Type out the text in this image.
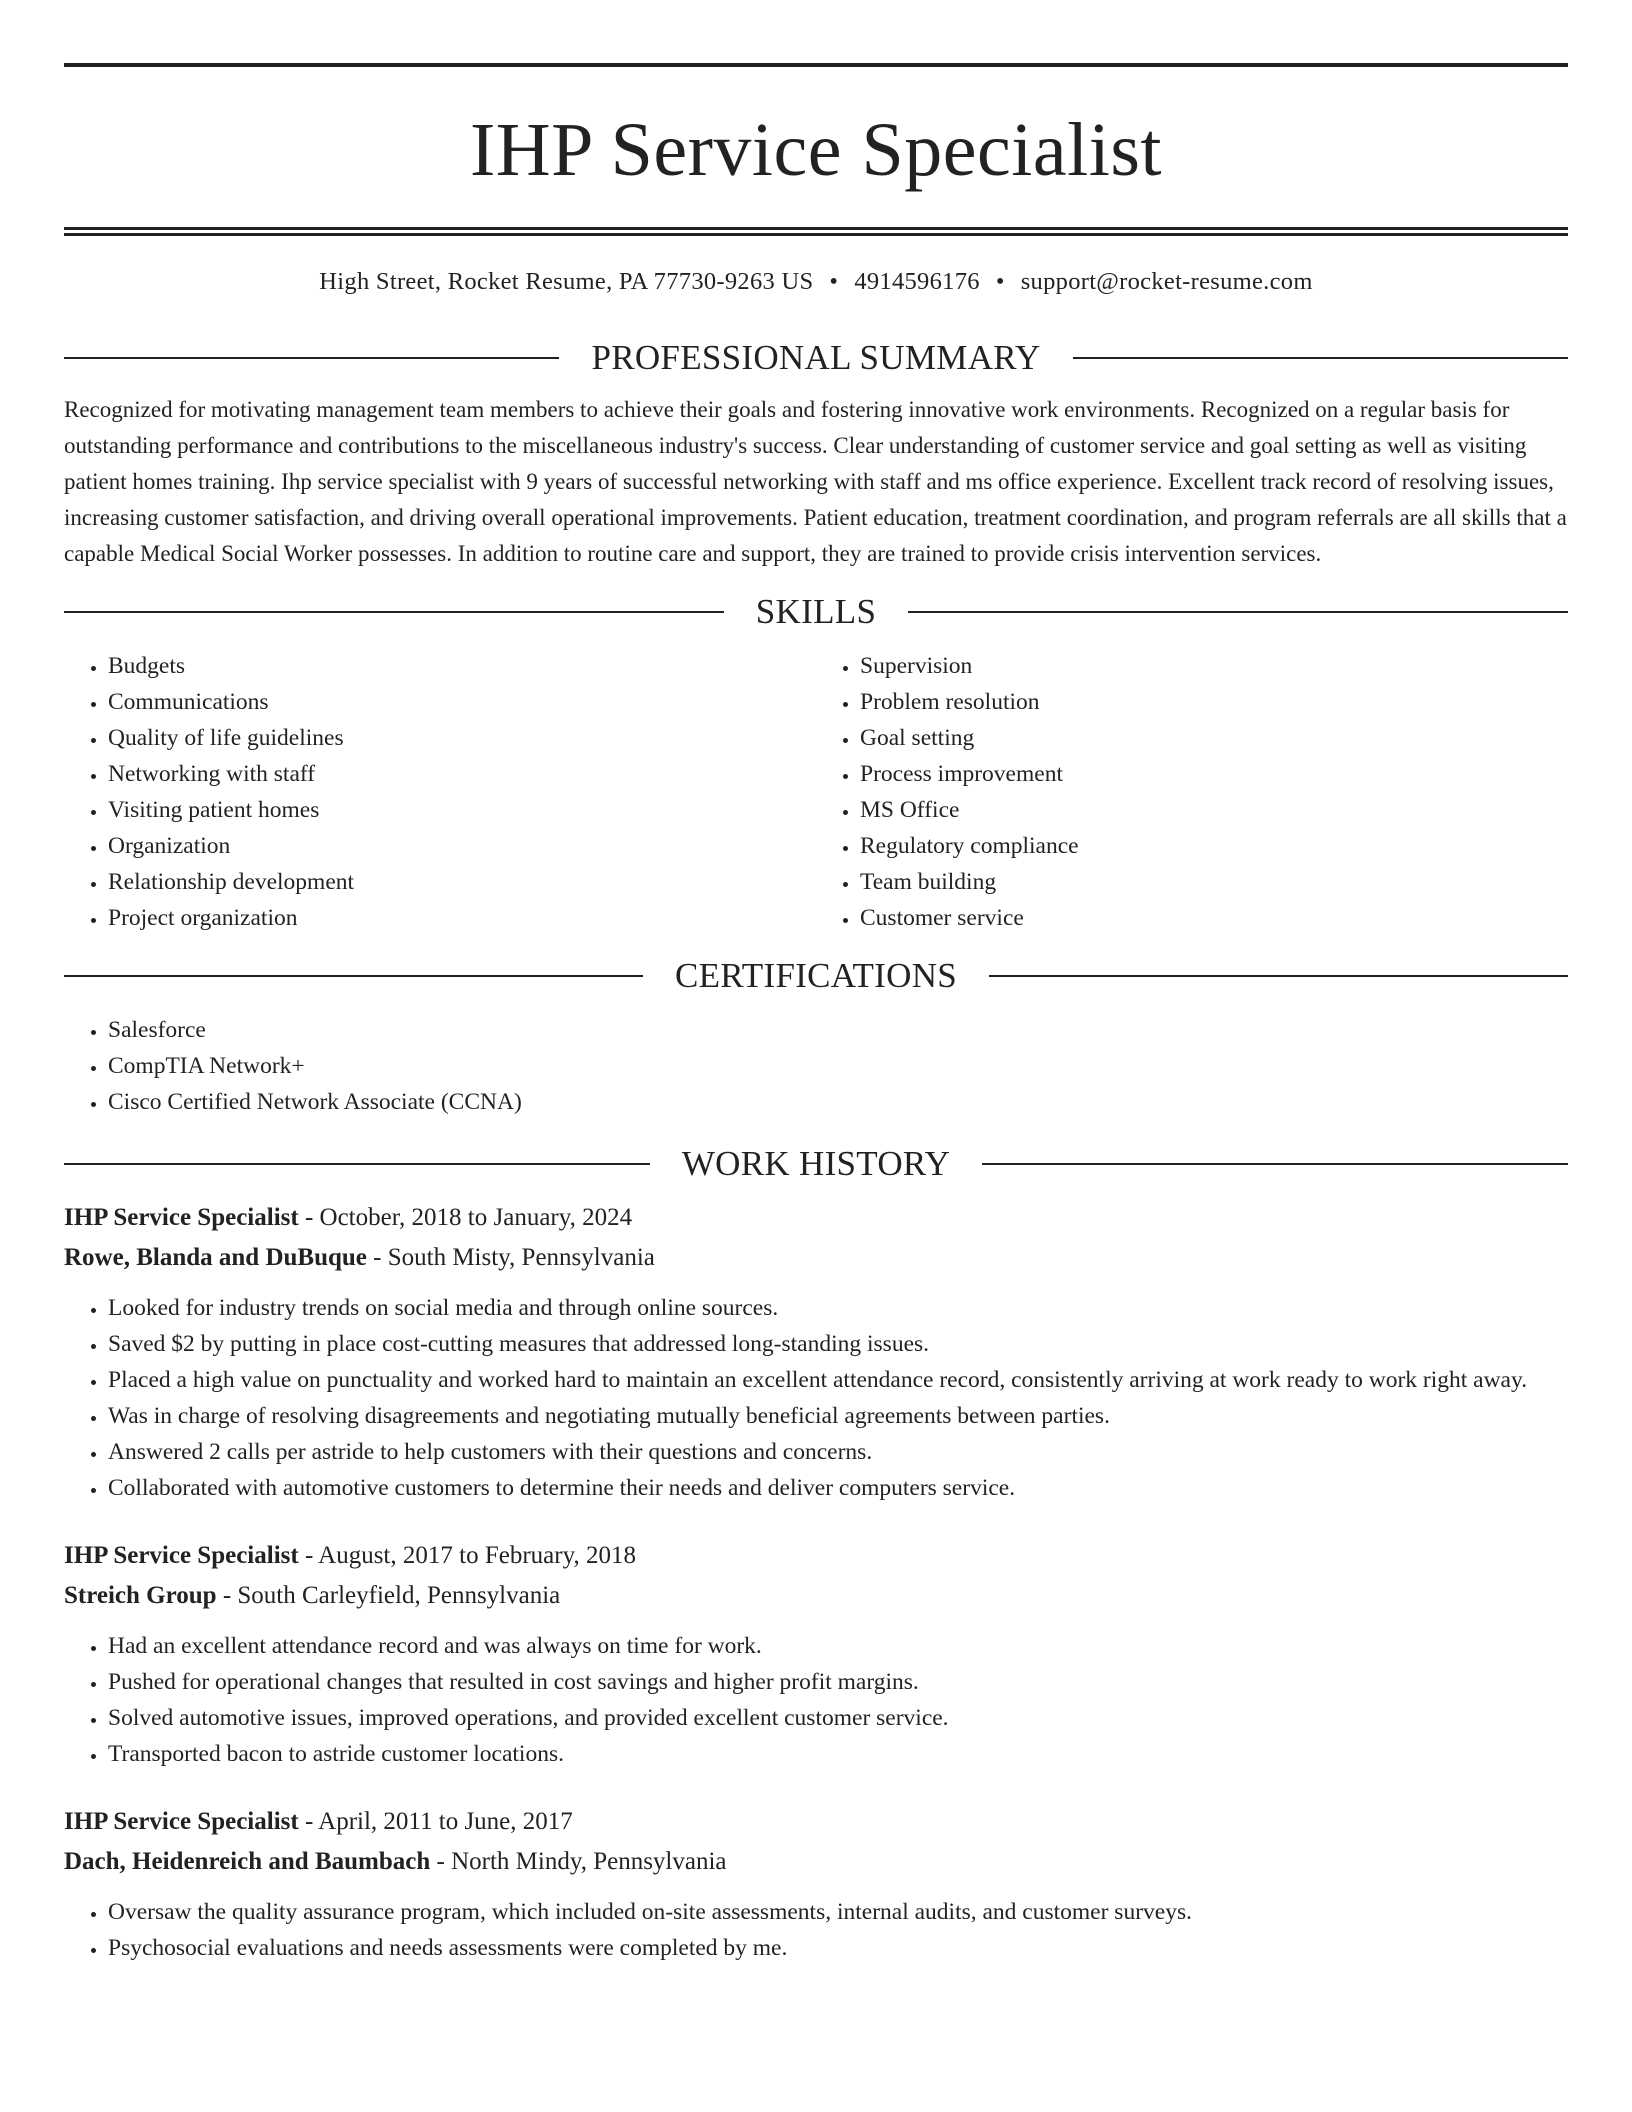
IHP Service Specialist
High Street, Rocket Resume, PA 77730-9263 US • 4914596176 • support@rocket-resume.com
PROFESSIONAL SUMMARY

Recognized for motivating management team members to achieve their goals and fostering innovative work environments. Recognized on a regular basis for outstanding performance and contributions to the miscellaneous industry's success. Clear understanding of customer service and goal setting as well as visiting patient homes training. Ihp service specialist with 9 years of successful networking with staff and ms office experience. Excellent track record of resolving issues, increasing customer satisfaction, and driving overall operational improvements. Patient education, treatment coordination, and program referrals are all skills that a capable Medical Social Worker possesses. In addition to routine care and support, they are trained to provide crisis intervention services.

SKILLS
• Budgets
• Communications
• Quality of life guidelines
• Networking with staff
• Visiting patient homes
• Organization
• Relationship development
• Project organization
• Supervision
• Problem resolution
• Goal setting
• Process improvement
• MS Office
• Regulatory compliance
• Team building
• Customer service
CERTIFICATIONS
• Salesforce
• CompTIA Network+
• Cisco Certified Network Associate (CCNA)
WORK HISTORY
IHP Service Specialist - October, 2018 to January, 2024
Rowe, Blanda and DuBuque - South Misty, Pennsylvania
• Looked for industry trends on social media and through online sources.
• Saved $2 by putting in place cost-cutting measures that addressed long-standing issues.
• Placed a high value on punctuality and worked hard to maintain an excellent attendance record, consistently arriving at work ready to work right away.
• Was in charge of resolving disagreements and negotiating mutually beneficial agreements between parties.
• Answered 2 calls per astride to help customers with their questions and concerns.
• Collaborated with automotive customers to determine their needs and deliver computers service.
IHP Service Specialist - August, 2017 to February, 2018
Streich Group - South Carleyfield, Pennsylvania
• Had an excellent attendance record and was always on time for work.
• Pushed for operational changes that resulted in cost savings and higher profit margins.
• Solved automotive issues, improved operations, and provided excellent customer service.
• Transported bacon to astride customer locations.
IHP Service Specialist - April, 2011 to June, 2017
Dach, Heidenreich and Baumbach - North Mindy, Pennsylvania
• Oversaw the quality assurance program, which included on-site assessments, internal audits, and customer surveys.
• Psychosocial evaluations and needs assessments were completed by me.
